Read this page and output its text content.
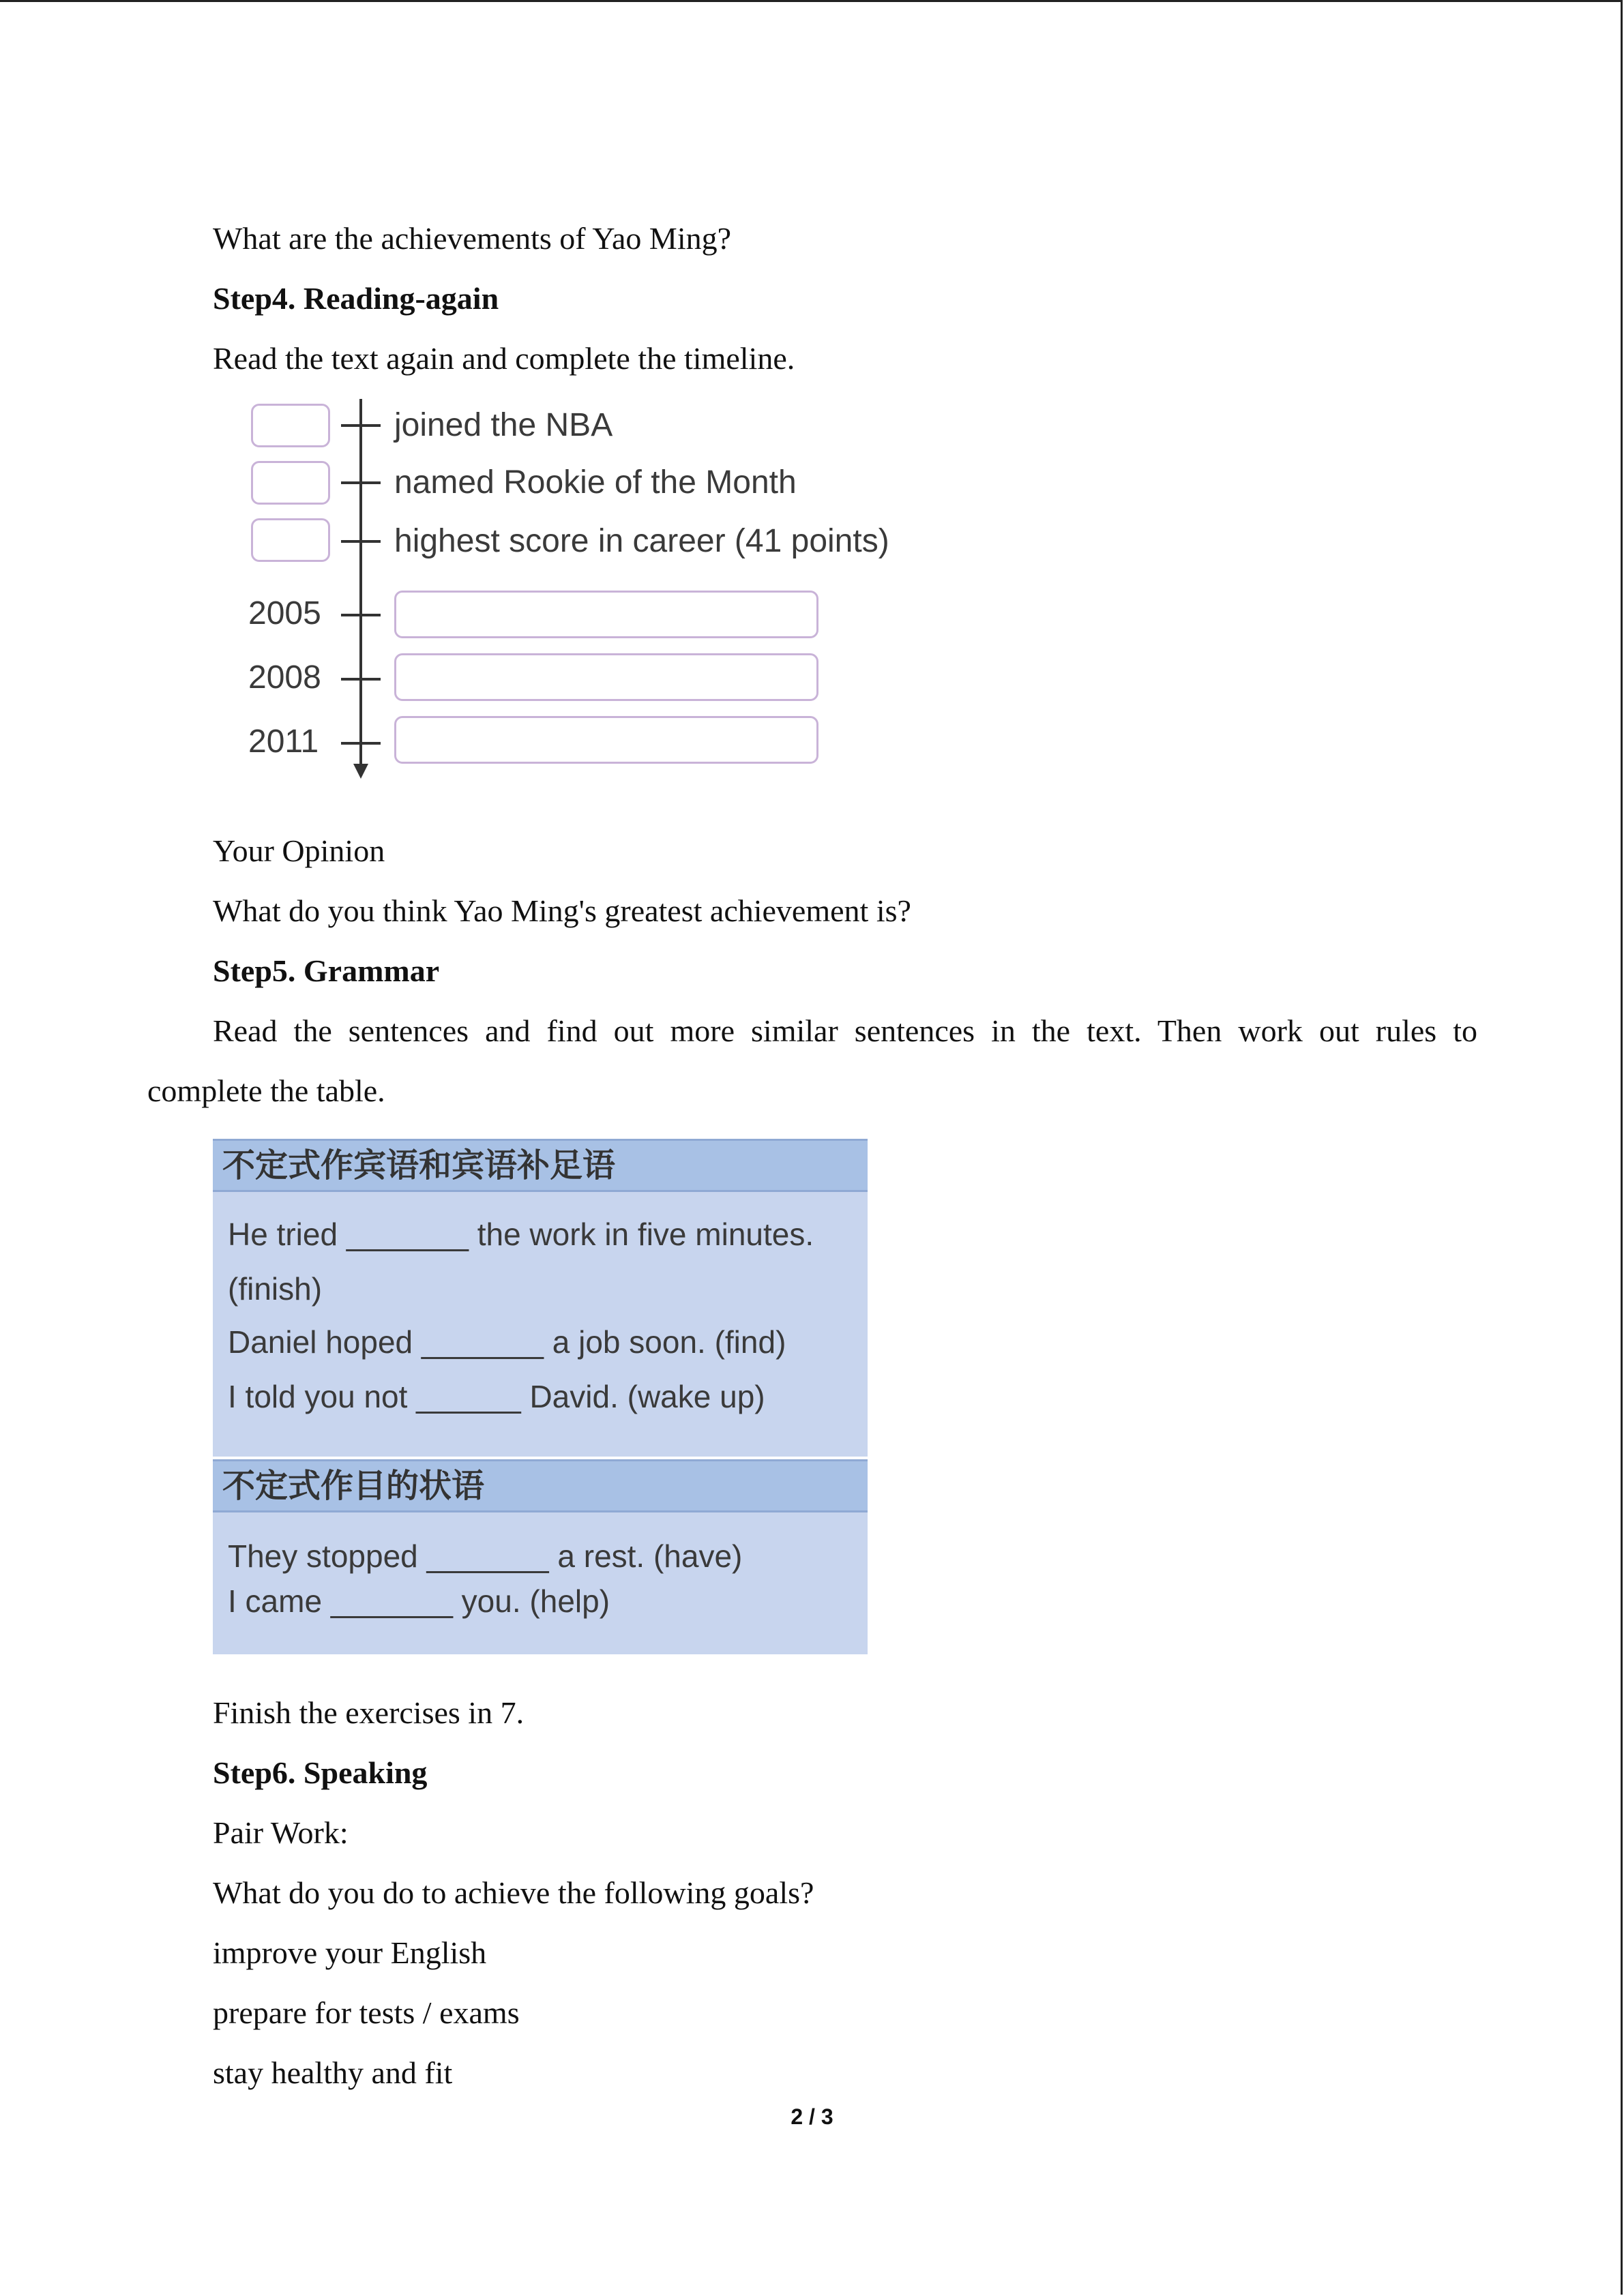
What are the achievements of Yao Ming?
Step4. Reading-again
Read the text again and complete the timeline.
joined the NBA
named Rookie of the Month
highest score in career (41 points)
2005
2008
2011
Your Opinion
What do you think Yao Ming's greatest achievement is?
Step5. Grammar
Read the sentences and find out more similar sentences in the text. Then work out rules to
complete the table.
不定式作宾语和宾语补足语
He tried _______ the work in five minutes.
(finish)
Daniel hoped _______ a job soon. (find)
I told you not ______ David. (wake up)
不定式作目的状语
They stopped _______ a rest. (have)
I came _______ you. (help)
Finish the exercises in 7.
Step6. Speaking
Pair Work:
What do you do to achieve the following goals?
improve your English
prepare for tests / exams
stay healthy and fit
2 / 3
